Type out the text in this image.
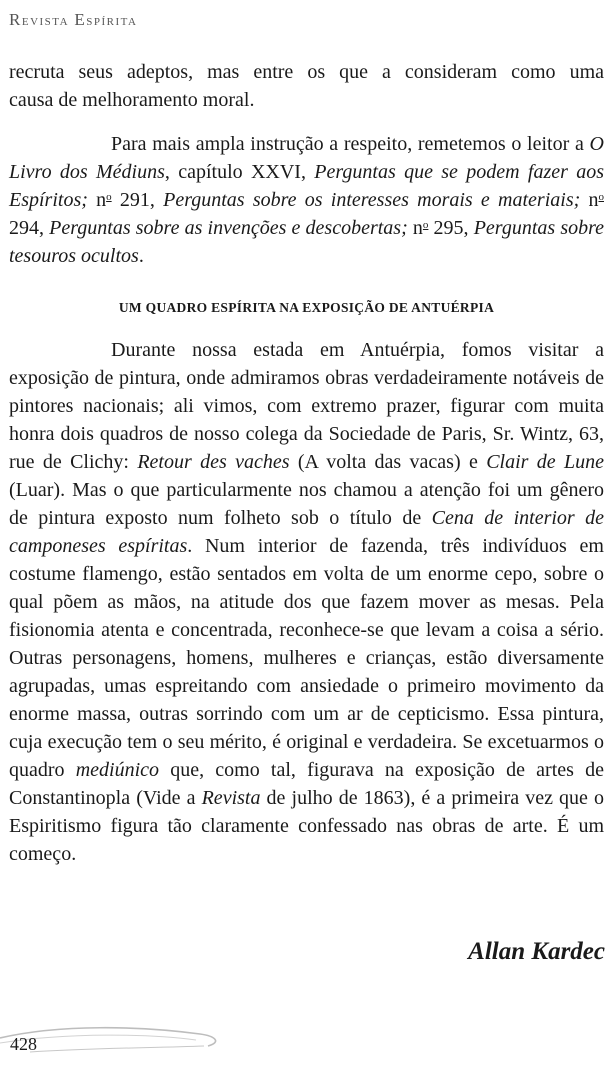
Revista Espírita

recruta seus adeptos, mas entre os que a consideram como uma

causa de melhoramento moral.

Para mais ampla instrução a respeito, remetemos o leitor a O Livro dos Médiuns, capítulo XXVI, Perguntas que se podem fazer aos Espíritos; $n^o$ 291, Perguntas sobre os interesses morais e materiais; $n^o$ 294, Perguntas sobre as invenções e descobertas; $n^o$ 295, Perguntas sobre tesouros ocultos.

UM QUADRO ESPÍRITA NA EXPOSIÇÃO DE ANTUÉRPIA

Durante nossa estada em Antuérpia, fomos visitar a exposição de pintura, onde admiramos obras verdadeiramente notáveis de pintores nacionais; ali vimos, com extremo prazer, figurar com muita honra dois quadros de nosso colega da Sociedade de Paris, Sr. Wintz, 63, rue de Clichy: Retour des vaches (A volta das vacas) e Clair de Lune (Luar). Mas o que particularmente nos chamou a atenção foi um gênero de pintura exposto num folheto sob o título de Cena de interior de camponeses espíritas. Num interior de fazenda, três indivíduos em costume flamengo, estão sentados em volta de um enorme cepo, sobre o qual põem as mãos, na atitude dos que fazem mover as mesas. Pela fisionomia atenta e concentrada, reconhece-se que levam a coisa a sério. Outras personagens, homens, mulheres e crianças, estão diversamente agrupadas, umas espreitando com ansiedade o primeiro movimento da enorme massa, outras sorrindo com um ar de cepticismo. Essa pintura, cuja execução tem o seu mérito, é original e verdadeira. Se excetuarmos o quadro mediúnico que, como tal, figurava na exposição de artes de Constantinopla (Vide a Revista de julho de 1863), é a primeira vez que o Espiritismo figura tão claramente confessado nas obras de arte. É um começo.

Allan Kardec
428
